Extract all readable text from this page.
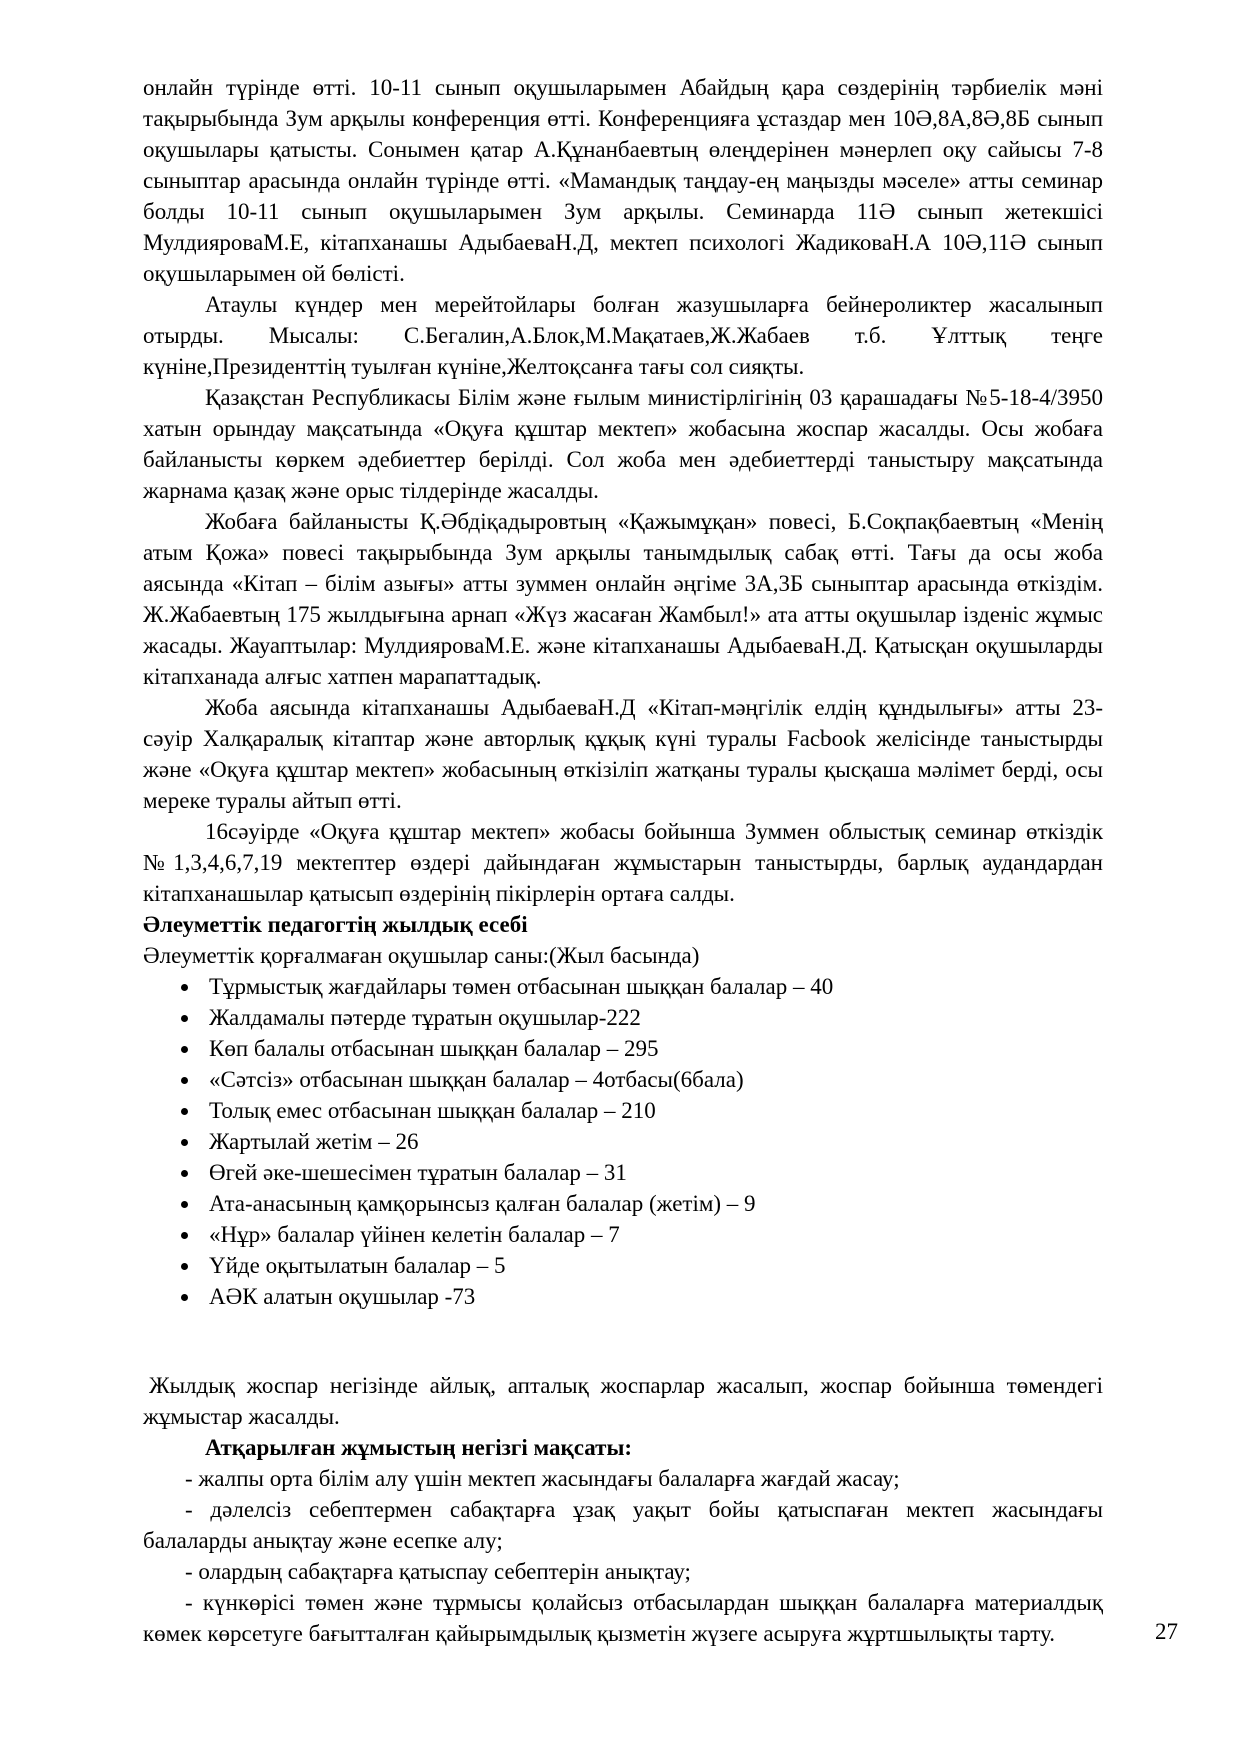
онлайн түрінде өтті. 10-11 сынып оқушыларымен Абайдың қара сөздерінің тәрбиелік мәні тақырыбында Зум арқылы конференция өтті. Конференцияға ұстаздар мен 10Ә,8А,8Ә,8Б сынып оқушылары қатысты. Сонымен қатар А.Құнанбаевтың өлеңдерінен мәнерлеп оқу сайысы 7-8 сыныптар арасында онлайн түрінде өтті. «Мамандық таңдау-ең маңызды мәселе» атты семинар болды 10-11 сынып оқушыларымен Зум арқылы. Семинарда 11Ә сынып жетекшісі МулдияроваМ.Е, кітапханашы АдыбаеваН.Д, мектеп психологі ЖадиковаН.А 10Ә,11Ә сынып оқушыларымен ой бөлісті.

Атаулы күндер мен мерейтойлары болған жазушыларға бейнероликтер жасалынып отырды. Мысалы: С.Бегалин,А.Блок,М.Мақатаев,Ж.Жабаев т.б. Ұлттық теңге күніне,Президенттің туылған күніне,Желтоқсанға тағы сол сияқты.

Қазақстан Республикасы Білім және ғылым министірлігінің 03 қарашадағы №5-18-4/3950 хатын орындау мақсатында «Оқуға құштар мектеп» жобасына жоспар жасалды. Осы жобаға байланысты көркем әдебиеттер берілді. Сол жоба мен әдебиеттерді таныстыру мақсатында жарнама қазақ және орыс тілдерінде жасалды.

Жобаға байланысты Қ.Әбдіқадыровтың «Қажымұқан» повесі, Б.Соқпақбаевтың «Менің атым Қожа» повесі тақырыбында Зум арқылы танымдылық сабақ өтті. Тағы да осы жоба аясында «Кітап – білім азығы» атты зуммен онлайн әңгіме 3А,3Б сыныптар арасында өткіздім. Ж.Жабаевтың 175 жылдығына арнап «Жүз жасаған Жамбыл!» ата атты оқушылар ізденіс жұмыс жасады. Жауаптылар: МулдияроваМ.Е. және кітапханашы АдыбаеваН.Д. Қатысқан оқушыларды кітапханада алғыс хатпен марапаттадық.

Жоба аясында кітапханашы АдыбаеваН.Д «Кітап-мәңгілік елдің құндылығы» атты 23-сәуір Халқаралық кітаптар және авторлық құқық күні туралы Facbook желісінде таныстырды және «Оқуға құштар мектеп» жобасының өткізіліп жатқаны туралы қысқаша мәлімет берді, осы мереке туралы айтып өтті.

16сәуірде «Оқуға құштар мектеп» жобасы бойынша Зуммен облыстық семинар өткіздік №1,3,4,6,7,19 мектептер өздері дайындаған жұмыстарын таныстырды, барлық аудандардан кітапханашылар қатысып өздерінің пікірлерін ортаға салды.

Әлеуметтік педагогтің жылдық есебі

Әлеуметтік қорғалмаған оқушылар саны:(Жыл басында)

• Тұрмыстық жағдайлары төмен отбасынан шыққан балалар – 40
• Жалдамалы пәтерде тұратын оқушылар-222
• Көп балалы отбасынан шыққан балалар – 295
• «Сәтсіз» отбасынан шыққан балалар – 4отбасы(6бала)
• Толық емес отбасынан шыққан балалар – 210
• Жартылай жетім – 26
• Өгей әке-шешесімен тұратын балалар – 31
• Ата-анасының қамқорынсыз қалған балалар (жетім) – 9
• «Нұр» балалар үйінен келетін балалар – 7
• Үйде оқытылатын балалар – 5
• АӘК алатын оқушылар -73

Жылдық жоспар негізінде айлық, апталық жоспарлар жасалып, жоспар бойынша төмендегі жұмыстар жасалды.

Атқарылған жұмыстың негізгі мақсаты:

- жалпы орта білім алу үшін мектеп жасындағы балаларға жағдай жасау;

- дәлелсіз себептермен сабақтарға ұзақ уақыт бойы қатыспаған мектеп жасындағы балаларды анықтау және есепке алу;

- олардың сабақтарға қатыспау себептерін анықтау;

- күнкөрісі төмен және тұрмысы қолайсыз отбасылардан шыққан балаларға материалдық көмек көрсетуге бағытталған қайырымдылық қызметін жүзеге асыруға жұртшылықты тарту.	27
